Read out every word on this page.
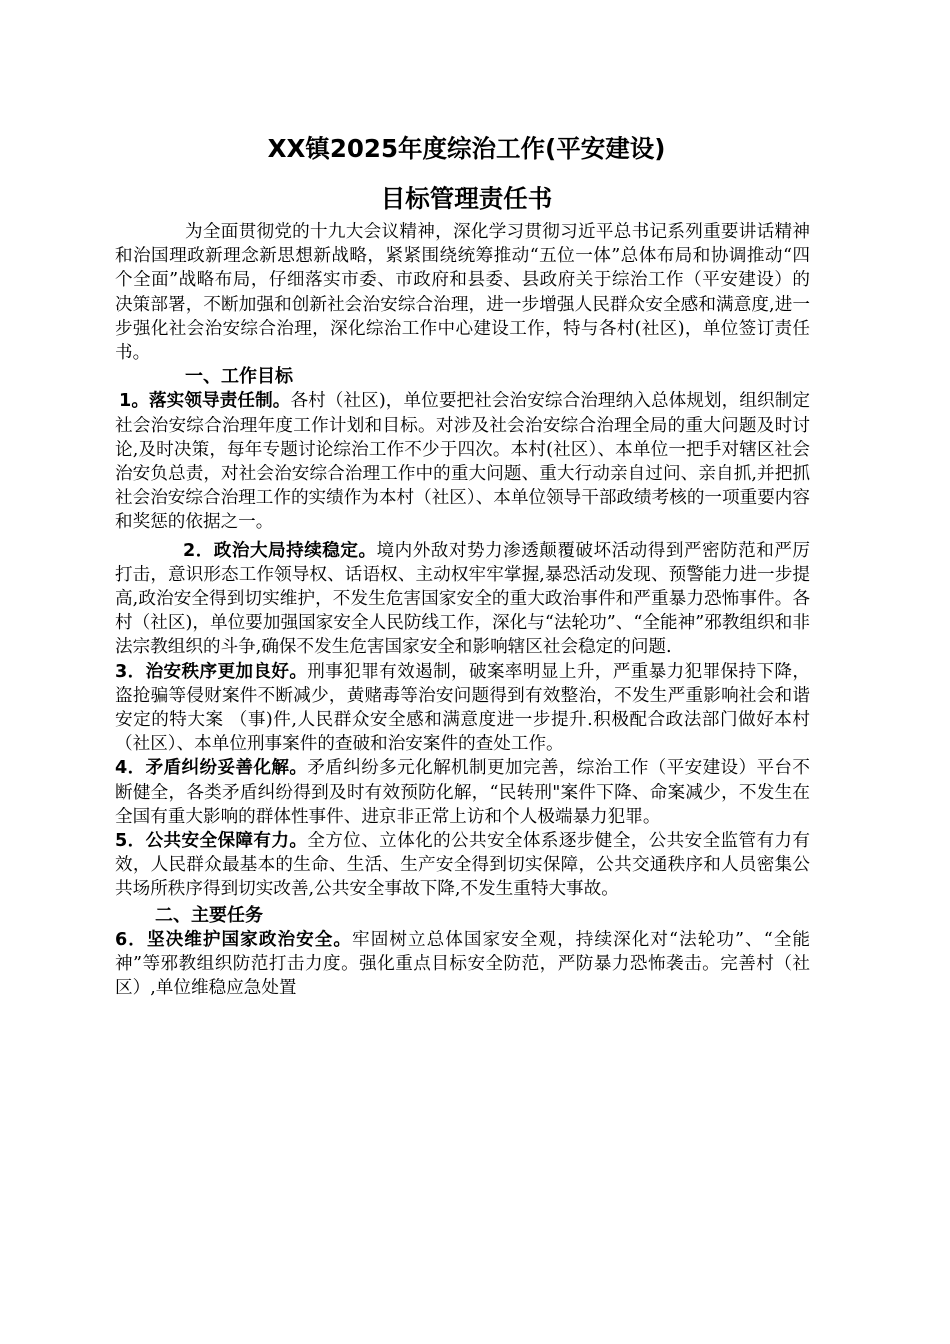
XX镇2025年度综治工作(平安建设)
目标管理责任书

为全面贯彻党的十九大会议精神，深化学习贯彻习近平总书记系列重要讲话精神和治国理政新理念新思想新战略，紧紧围绕统筹推动“五位一体”总体布局和协调推动“四个全面”战略布局，仔细落实市委、市政府和县委、县政府关于综治工作（平安建设）的决策部署，不断加强和创新社会治安综合治理，进一步增强人民群众安全感和满意度,进一步强化社会治安综合治理，深化综治工作中心建设工作，特与各村(社区)，单位签订责任书。

一、工作目标

1。落实领导责任制。各村（社区)，单位要把社会治安综合治理纳入总体规划，组织制定社会治安综合治理年度工作计划和目标。对涉及社会治安综合治理全局的重大问题及时讨论,及时决策，每年专题讨论综治工作不少于四次。本村(社区）、本单位一把手对辖区社会治安负总责，对社会治安综合治理工作中的重大问题、重大行动亲自过问、亲自抓,并把抓社会治安综合治理工作的实绩作为本村（社区）、本单位领导干部政绩考核的一项重要内容和奖惩的依据之一。

2．政治大局持续稳定。境内外敌对势力渗透颠覆破坏活动得到严密防范和严厉打击，意识形态工作领导权、话语权、主动权牢牢掌握,暴恐活动发现、预警能力进一步提高,政治安全得到切实维护，不发生危害国家安全的重大政治事件和严重暴力恐怖事件。各村（社区)，单位要加强国家安全人民防线工作，深化与“法轮功”、“全能神”邪教组织和非法宗教组织的斗争,确保不发生危害国家安全和影响辖区社会稳定的问题.

3．治安秩序更加良好。刑事犯罪有效遏制，破案率明显上升，严重暴力犯罪保持下降，盗抢骗等侵财案件不断减少，黄赌毒等治安问题得到有效整治，不发生严重影响社会和谐安定的特大案 （事)件,人民群众安全感和满意度进一步提升.积极配合政法部门做好本村（社区）、本单位刑事案件的查破和治安案件的查处工作。

4．矛盾纠纷妥善化解。矛盾纠纷多元化解机制更加完善，综治工作（平安建设）平台不断健全，各类矛盾纠纷得到及时有效预防化解，“民转刑"案件下降、命案减少，不发生在全国有重大影响的群体性事件、进京非正常上访和个人极端暴力犯罪。

5．公共安全保障有力。全方位、立体化的公共安全体系逐步健全，公共安全监管有力有效，人民群众最基本的生命、生活、生产安全得到切实保障，公共交通秩序和人员密集公共场所秩序得到切实改善,公共安全事故下降,不发生重特大事故。

二、主要任务

6．坚决维护国家政治安全。牢固树立总体国家安全观，持续深化对“法轮功”、“全能神”等邪教组织防范打击力度。强化重点目标安全防范，严防暴力恐怖袭击。完善村（社区）,单位维稳应急处置
